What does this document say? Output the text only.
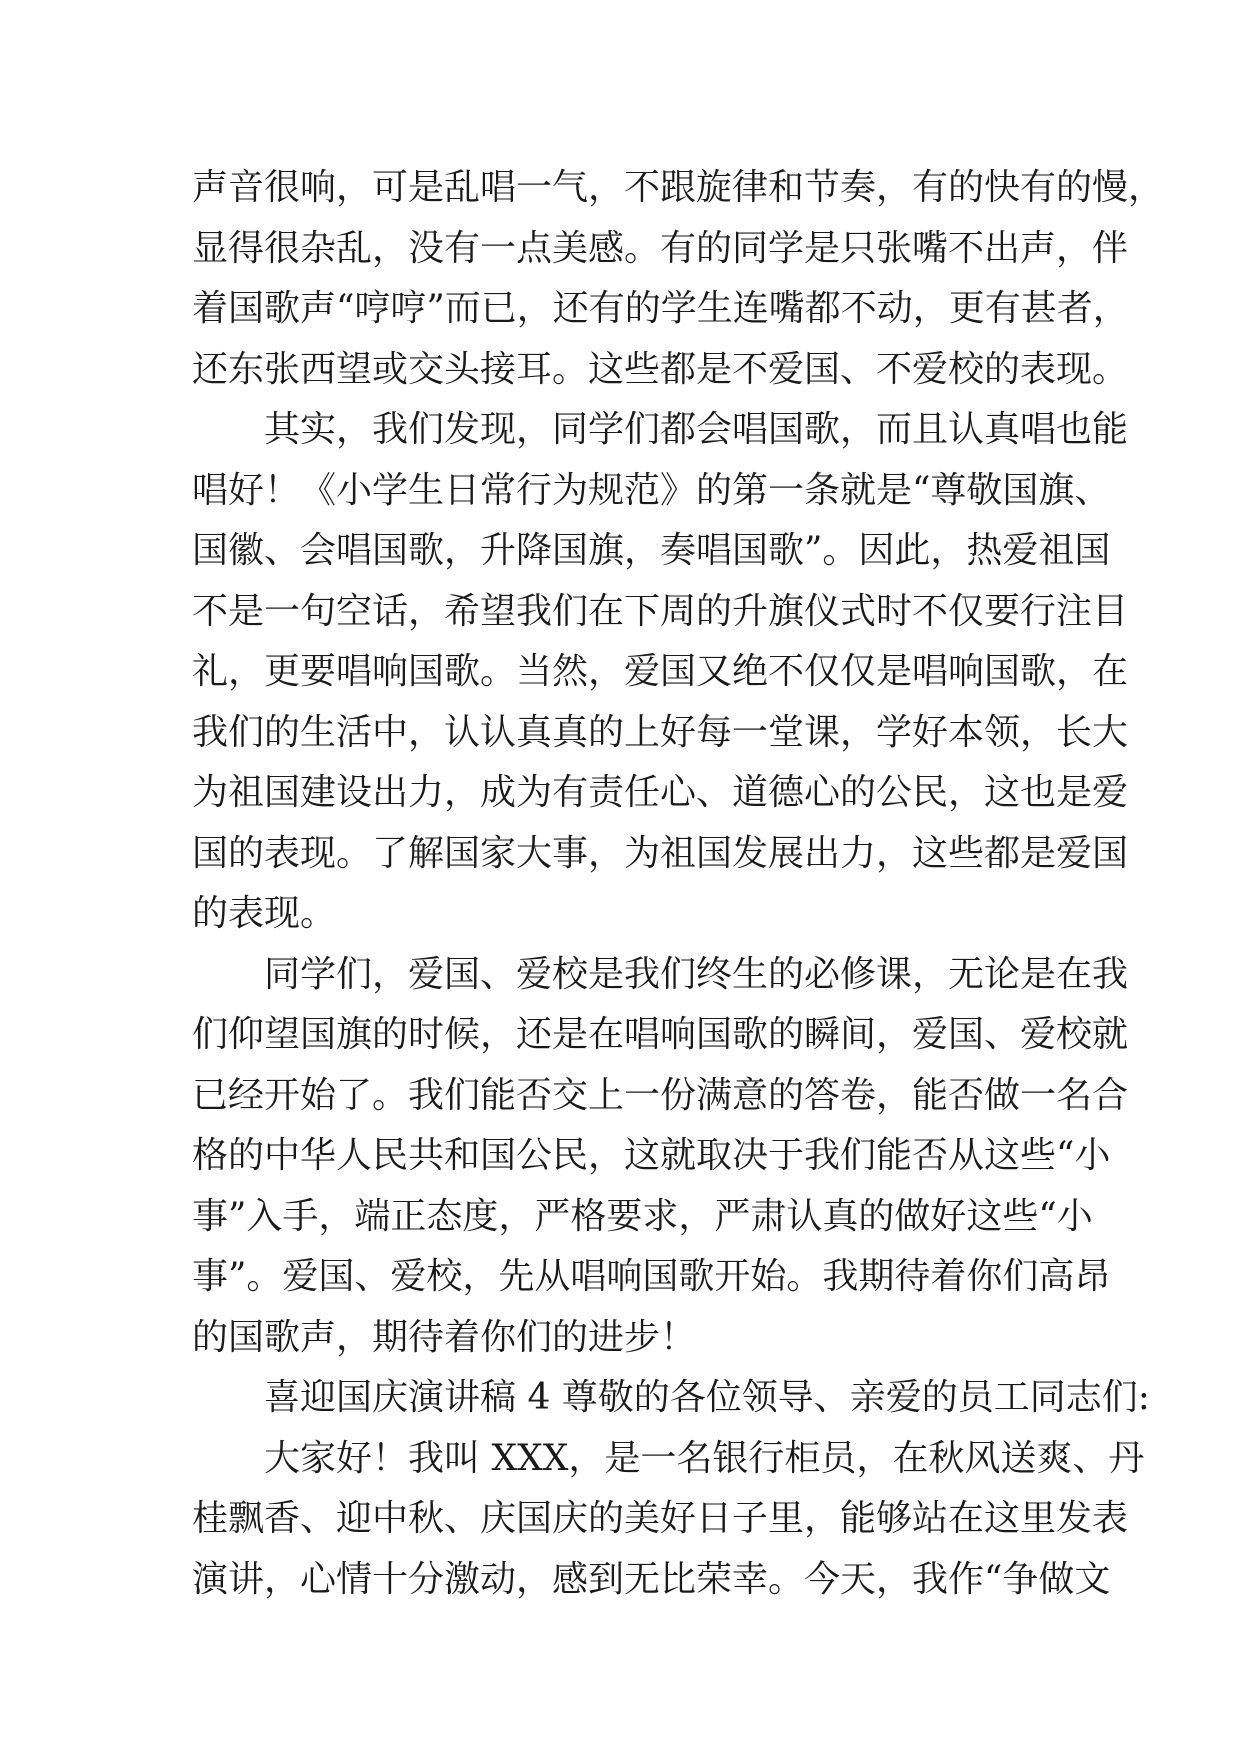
声音很响，可是乱唱一气，不跟旋律和节奏，有的快有的慢，
显得很杂乱，没有一点美感。有的同学是只张嘴不出声，伴
着国歌声“哼哼”而已，还有的学生连嘴都不动，更有甚者，
还东张西望或交头接耳。这些都是不爱国、不爱校的表现。
其实，我们发现，同学们都会唱国歌，而且认真唱也能
唱好！《小学生日常行为规范》的第一条就是“尊敬国旗、
国徽、会唱国歌，升降国旗，奏唱国歌”。因此，热爱祖国
不是一句空话，希望我们在下周的升旗仪式时不仅要行注目
礼，更要唱响国歌。当然，爱国又绝不仅仅是唱响国歌，在
我们的生活中，认认真真的上好每一堂课，学好本领，长大
为祖国建设出力，成为有责任心、道德心的公民，这也是爱
国的表现。了解国家大事，为祖国发展出力，这些都是爱国
的表现。
同学们，爱国、爱校是我们终生的必修课，无论是在我
们仰望国旗的时候，还是在唱响国歌的瞬间，爱国、爱校就
已经开始了。我们能否交上一份满意的答卷，能否做一名合
格的中华人民共和国公民，这就取决于我们能否从这些“小
事”入手，端正态度，严格要求，严肃认真的做好这些“小
事”。爱国、爱校，先从唱响国歌开始。我期待着你们高昂
的国歌声，期待着你们的进步！
喜迎国庆演讲稿 4 尊敬的各位领导、亲爱的员工同志们:
大家好！我叫 XXX，是一名银行柜员，在秋风送爽、丹
桂飘香、迎中秋、庆国庆的美好日子里，能够站在这里发表
演讲，心情十分激动，感到无比荣幸。今天，我作“争做文
